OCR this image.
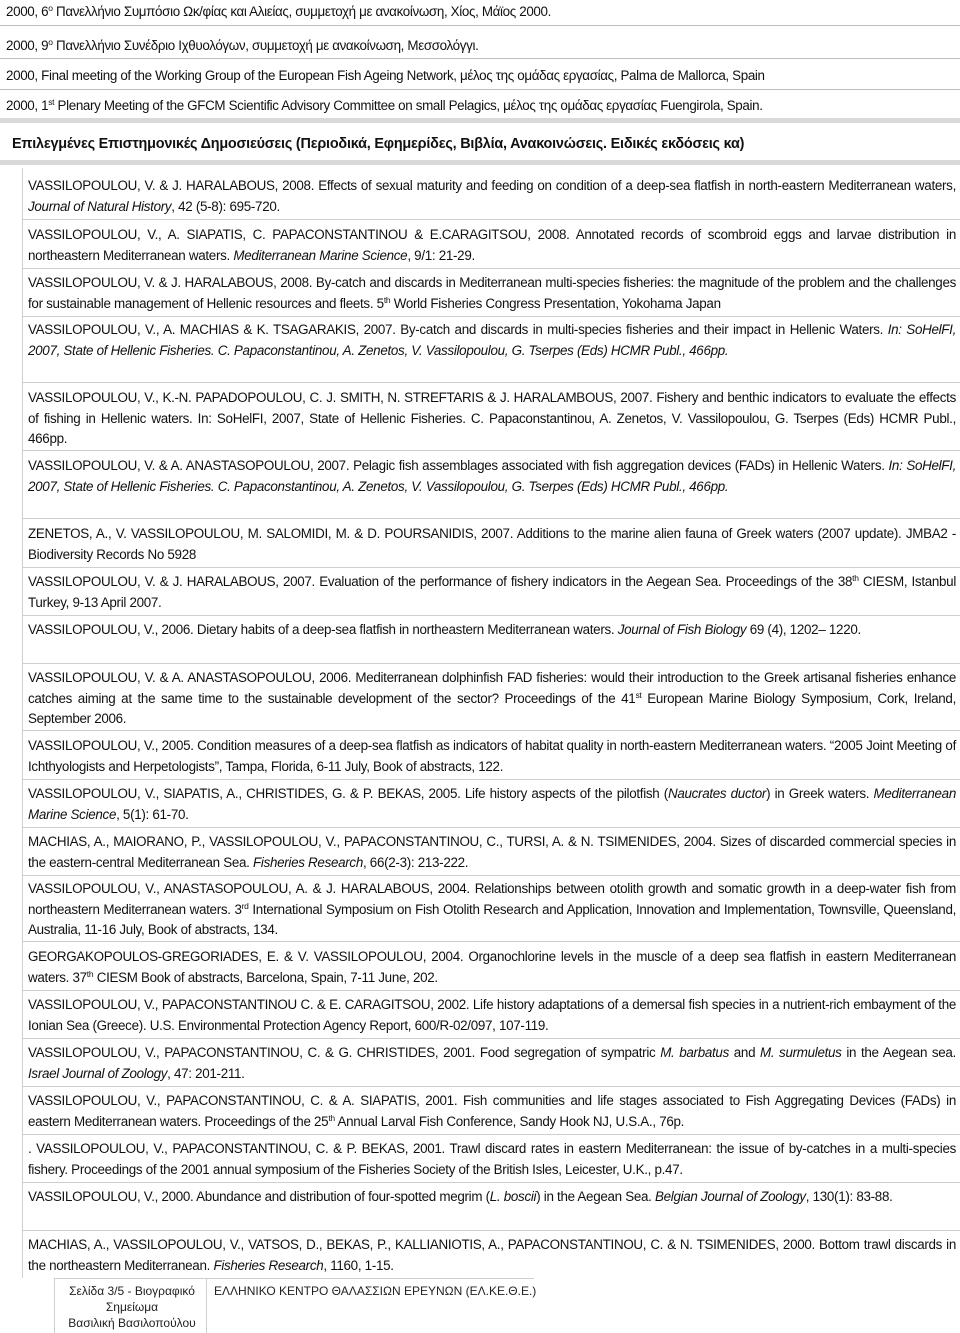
2000, $6^o$ Πανελλήνιο Συμπόσιο Ωκ/φίας και Αλιείας, συμμετοχή με ανακοίνωση, Χίος, Μάϊος 2000.
2000, $9^o$ Πανελλήνιο Συνέδριο Ιχθυολόγων, συμμετοχή με ανακοίνωση, Μεσσολόγγι.
2000, Final meeting of the Working Group of the European Fish Ageing Network, μέλος της ομάδας εργασίας, Palma de Mallorca, Spain
2000, 1st Plenary Meeting of the GFCM Scientific Advisory Committee on small Pelagics, μέλος της ομάδας εργασίας Fuengirola, Spain.
Επιλεγμένες Επιστημονικές Δημοσιεύσεις (Περιοδικά, Εφημερίδες, Βιβλία, Ανακοινώσεις. Ειδικές εκδόσεις κα)
VASSILOPOULOU, V. & J. HARALABOUS, 2008. Effects of sexual maturity and feeding on condition of a deep-sea flatfish in north-eastern Mediterranean waters, Journal of Natural History, 42 (5-8): 695-720.
VASSILOPOULOU, V., A. SIAPATIS, C. PAPACONSTANTINOU & E.CARAGITSOU, 2008. Annotated records of scombroid eggs and larvae distribution in northeastern Mediterranean waters. Mediterranean Marine Science, 9/1: 21-29.
VASSILOPOULOU, V. & J. HARALABOUS, 2008. By-catch and discards in Mediterranean multi-species fisheries: the magnitude of the problem and the challenges for sustainable management of Hellenic resources and fleets. 5th World Fisheries Congress Presentation, Yokohama Japan
VASSILOPOULOU, V., A. MACHIAS & K. TSAGARAKIS, 2007. By-catch and discards in multi-species fisheries and their impact in Hellenic Waters. In: SoHelFI, 2007, State of Hellenic Fisheries. C. Papaconstantinou, A. Zenetos, V. Vassilopoulou, G. Tserpes (Eds) HCMR Publ., 466pp.
VASSILOPOULOU, V., K.-N. PAPADOPOULOU, C. J. SMITH, N. STREFTARIS & J. HARALAMBOUS, 2007. Fishery and benthic indicators to evaluate the effects of fishing in Hellenic waters. In: SoHelFI, 2007, State of Hellenic Fisheries. C. Papaconstantinou, A. Zenetos, V. Vassilopoulou, G. Tserpes (Eds) HCMR Publ., 466pp.
VASSILOPOULOU, V. & A. ANASTASOPOULOU, 2007. Pelagic fish assemblages associated with fish aggregation devices (FADs) in Hellenic Waters. In: SoHelFI, 2007, State of Hellenic Fisheries. C. Papaconstantinou, A. Zenetos, V. Vassilopoulou, G. Tserpes (Eds) HCMR Publ., 466pp.
ZENETOS, A., V. VASSILOPOULOU, M. SALOMIDI, M. & D. POURSANIDIS, 2007. Additions to the marine alien fauna of Greek waters (2007 update). JMBA2 - Biodiversity Records No 5928
VASSILOPOULOU, V. & J. HARALABOUS, 2007. Evaluation of the performance of fishery indicators in the Aegean Sea. Proceedings of the 38th CIESM, Istanbul Turkey, 9-13 April 2007.
VASSILOPOULOU, V., 2006. Dietary habits of a deep-sea flatfish in northeastern Mediterranean waters. Journal of Fish Biology 69 (4), 1202– 1220.
VASSILOPOULOU, V. & A. ANASTASOPOULOU, 2006. Mediterranean dolphinfish FAD fisheries: would their introduction to the Greek artisanal fisheries enhance catches aiming at the same time to the sustainable development of the sector? Proceedings of the 41st European Marine Biology Symposium, Cork, Ireland, September 2006.
VASSILOPOULOU, V., 2005. Condition measures of a deep-sea flatfish as indicators of habitat quality in north-eastern Mediterranean waters. “2005 Joint Meeting of Ichthyologists and Herpetologists”, Tampa, Florida, 6-11 July, Book of abstracts, 122.
VASSILOPOULOU, V., SIAPATIS, A., CHRISTIDES, G. & P. BEKAS, 2005. Life history aspects of the pilotfish (Naucrates ductor) in Greek waters. Mediterranean Marine Science, 5(1): 61-70.
MACHIAS, A., MAIORANO, P., VASSILOPOULOU, V., PAPACONSTANTINOU, C., TURSI, A. & N. TSIMENIDES, 2004. Sizes of discarded commercial species in the eastern-central Mediterranean Sea. Fisheries Research, 66(2-3): 213-222.
VASSILOPOULOU, V., ANASTASOPOULOU, A. & J. HARALABOUS, 2004. Relationships between otolith growth and somatic growth in a deep-water fish from northeastern Mediterranean waters. 3rd International Symposium on Fish Otolith Research and Application, Innovation and Implementation, Townsville, Queensland, Australia, 11-16 July, Book of abstracts, 134.
GEORGAKOPOULOS-GREGORIADES, E. & V. VASSILOPOULOU, 2004. Organochlorine levels in the muscle of a deep sea flatfish in eastern Mediterranean waters. 37th CIESM Book of abstracts, Barcelona, Spain, 7-11 June, 202.
VASSILOPOULOU, V., PAPACONSTANTINOU C. & E. CARAGITSOU, 2002. Life history adaptations of a demersal fish species in a nutrient-rich embayment of the Ionian Sea (Greece). U.S. Environmental Protection Agency Report, 600/R-02/097, 107-119.
VASSILOPOULOU, V., PAPACONSTANTINOU, C. & G. CHRISTIDES, 2001. Food segregation of sympatric M. barbatus and M. surmuletus in the Aegean sea. Israel Journal of Zoology, 47: 201-211.
VASSILOPOULOU, V., PAPACONSTANTINOU, C. & A. SIAPATIS, 2001. Fish communities and life stages associated to Fish Aggregating Devices (FADs) in eastern Mediterranean waters. Proceedings of the 25th Annual Larval Fish Conference, Sandy Hook NJ, U.S.A., 76p.
. VASSILOPOULOU, V., PAPACONSTANTINOU, C. & P. BEKAS, 2001. Trawl discard rates in eastern Mediterranean: the issue of by-catches in a multi-species fishery. Proceedings of the 2001 annual symposium of the Fisheries Society of the British Isles, Leicester, U.K., p.47.
VASSILOPOULOU, V., 2000. Abundance and distribution of four-spotted megrim (L. boscii) in the Aegean Sea. Belgian Journal of Zoology, 130(1): 83-88.
MACHIAS, A., VASSILOPOULOU, V., VATSOS, D., BEKAS, P., KALLIANIOTIS, A., PAPACONSTANTINOU, C. & N. TSIMENIDES, 2000. Bottom trawl discards in the northeastern Mediterranean. Fisheries Research, 1160, 1-15.
Σελίδα 3/5 - Βιογραφικό
Σημείωμα
Βασιλική Βασιλοπούλου
ΕΛΛΗΝΙΚΟ ΚΕΝΤΡΟ ΘΑΛΑΣΣΙΩΝ ΕΡΕΥΝΩΝ (ΕΛ.ΚΕ.Θ.Ε.)
